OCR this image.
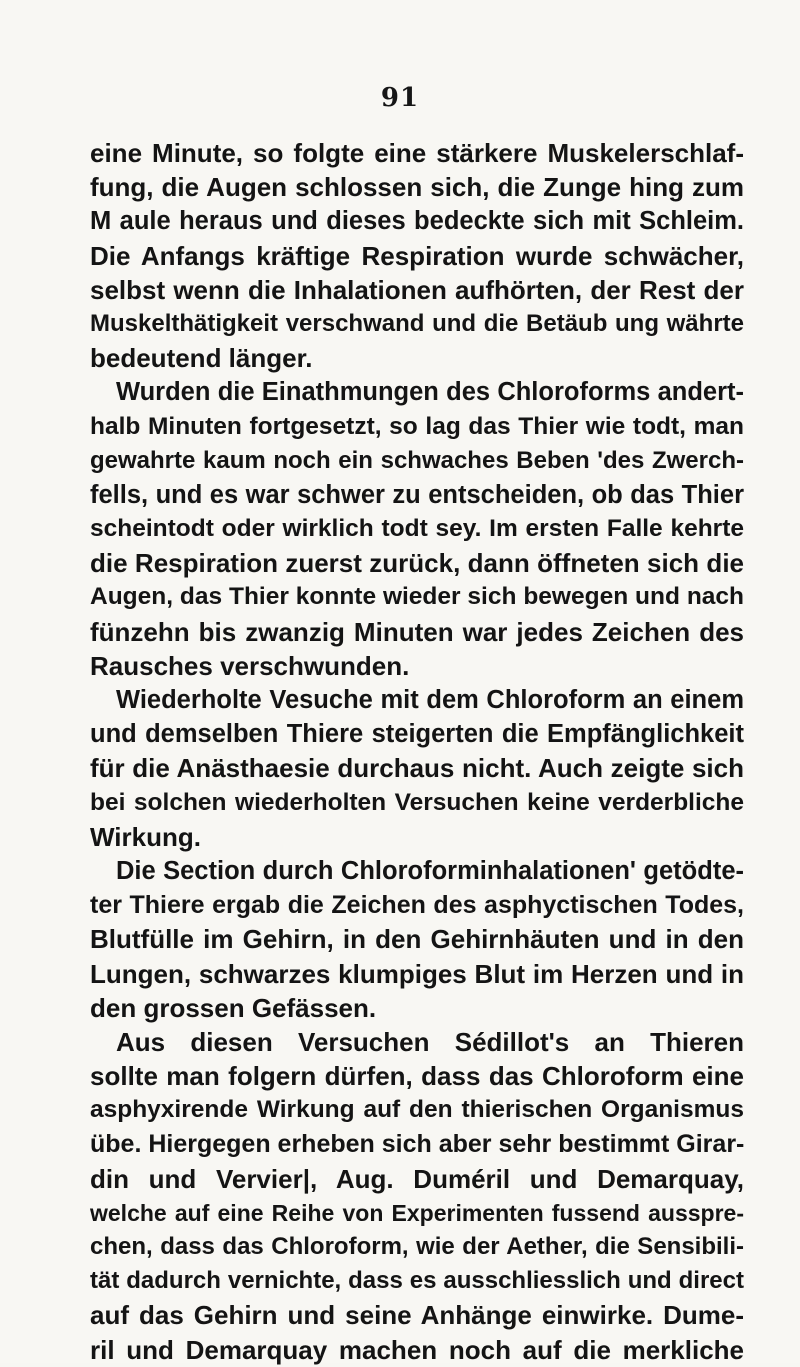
91
eine Minute, so folgte eine stärkere Muskelerschlaf-
fung, die Augen schlossen sich, die Zunge hing zum
M aule heraus und dieses bedeckte sich mit Schleim.
Die Anfangs kräftige Respiration wurde schwächer,
selbst wenn die Inhalationen aufhörten, der Rest der
Muskelthätigkeit verschwand und die Betäub ung währte
bedeutend länger.
Wurden die Einathmungen des Chloroforms andert-
halb Minuten fortgesetzt, so lag das Thier wie todt, man
gewahrte kaum noch ein schwaches Beben 'des Zwerch-
fells, und es war schwer zu entscheiden, ob das Thier
scheintodt oder wirklich todt sey. Im ersten Falle kehrte
die Respiration zuerst zurück, dann öffneten sich die
Augen, das Thier konnte wieder sich bewegen und nach
fünzehn bis zwanzig Minuten war jedes Zeichen des
Rausches verschwunden.
Wiederholte Vesuche mit dem Chloroform an einem
und demselben Thiere steigerten die Empfänglichkeit
für die Anästhaesie durchaus nicht. Auch zeigte sich
bei solchen wiederholten Versuchen keine verderbliche
Wirkung.
Die Section durch Chloroforminhalationen' getödte-
ter Thiere ergab die Zeichen des asphyctischen Todes,
Blutfülle im Gehirn, in den Gehirnhäuten und in den
Lungen, schwarzes klumpiges Blut im Herzen und in
den grossen Gefässen.
Aus diesen Versuchen Sédillot's an Thieren
sollte man folgern dürfen, dass das Chloroform eine
asphyxirende Wirkung auf den thierischen Organismus
übe. Hiergegen erheben sich aber sehr bestimmt Girar-
din und Vervier|, Aug. Duméril und Demarquay,
welche auf eine Reihe von Experimenten fussend ausspre-
chen, dass das Chloroform, wie der Aether, die Sensibili-
tät dadurch vernichte, dass es ausschliesslich und direct
auf das Gehirn und seine Anhänge einwirke. Dume-
ril und Demarquay machen noch auf die merkliche
